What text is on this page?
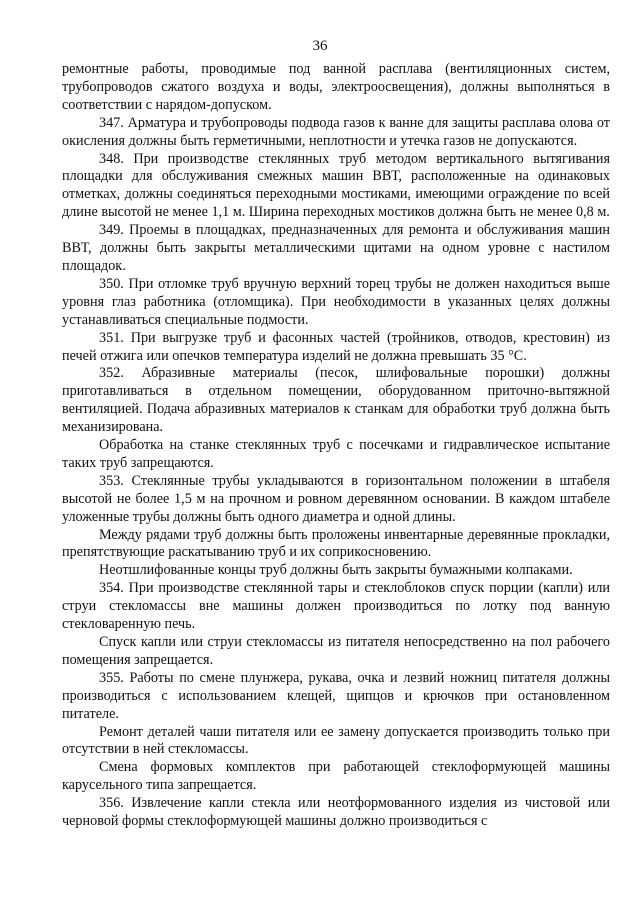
36

ремонтные работы, проводимые под ванной расплава (вентиляционных систем, трубопроводов сжатого воздуха и воды, электроосвещения), должны выполняться в соответствии с нарядом-допуском.

347. Арматура и трубопроводы подвода газов к ванне для защиты расплава олова от окисления должны быть герметичными, неплотности и утечка газов не допускаются.

348. При производстве стеклянных труб методом вертикального вытягивания площадки для обслуживания смежных машин ВВТ, расположенные на одинаковых отметках, должны соединяться переходными мостиками, имеющими ограждение по всей длине высотой не менее 1,1 м. Ширина переходных мостиков должна быть не менее 0,8 м.

349. Проемы в площадках, предназначенных для ремонта и обслуживания машин ВВТ, должны быть закрыты металлическими щитами на одном уровне с настилом площадок.

350. При отломке труб вручную верхний торец трубы не должен находиться выше уровня глаз работника (отломщика). При необходимости в указанных целях должны устанавливаться специальные подмости.

351. При выгрузке труб и фасонных частей (тройников, отводов, крестовин) из печей отжига или опечков температура изделий не должна превышать 35 °С.

352. Абразивные материалы (песок, шлифовальные порошки) должны приготавливаться в отдельном помещении, оборудованном приточно-вытяжной вентиляцией. Подача абразивных материалов к станкам для обработки труб должна быть механизирована.

Обработка на станке стеклянных труб с посечками и гидравлическое испытание таких труб запрещаются.

353. Стеклянные трубы укладываются в горизонтальном положении в штабеля высотой не более 1,5 м на прочном и ровном деревянном основании. В каждом штабеле уложенные трубы должны быть одного диаметра и одной длины.

Между рядами труб должны быть проложены инвентарные деревянные прокладки, препятствующие раскатыванию труб и их соприкосновению.

Неотшлифованные концы труб должны быть закрыты бумажными колпаками.

354. При производстве стеклянной тары и стеклоблоков спуск порции (капли) или струи стекломассы вне машины должен производиться по лотку под ванную стекловаренную печь.

Спуск капли или струи стекломассы из питателя непосредственно на пол рабочего помещения запрещается.

355. Работы по смене плунжера, рукава, очка и лезвий ножниц питателя должны производиться с использованием клещей, щипцов и крючков при остановленном питателе.

Ремонт деталей чаши питателя или ее замену допускается производить только при отсутствии в ней стекломассы.

Смена формовых комплектов при работающей стеклоформующей машины карусельного типа запрещается.

356. Извлечение капли стекла или неотформованного изделия из чистовой или черновой формы стеклоформующей машины должно производиться с
